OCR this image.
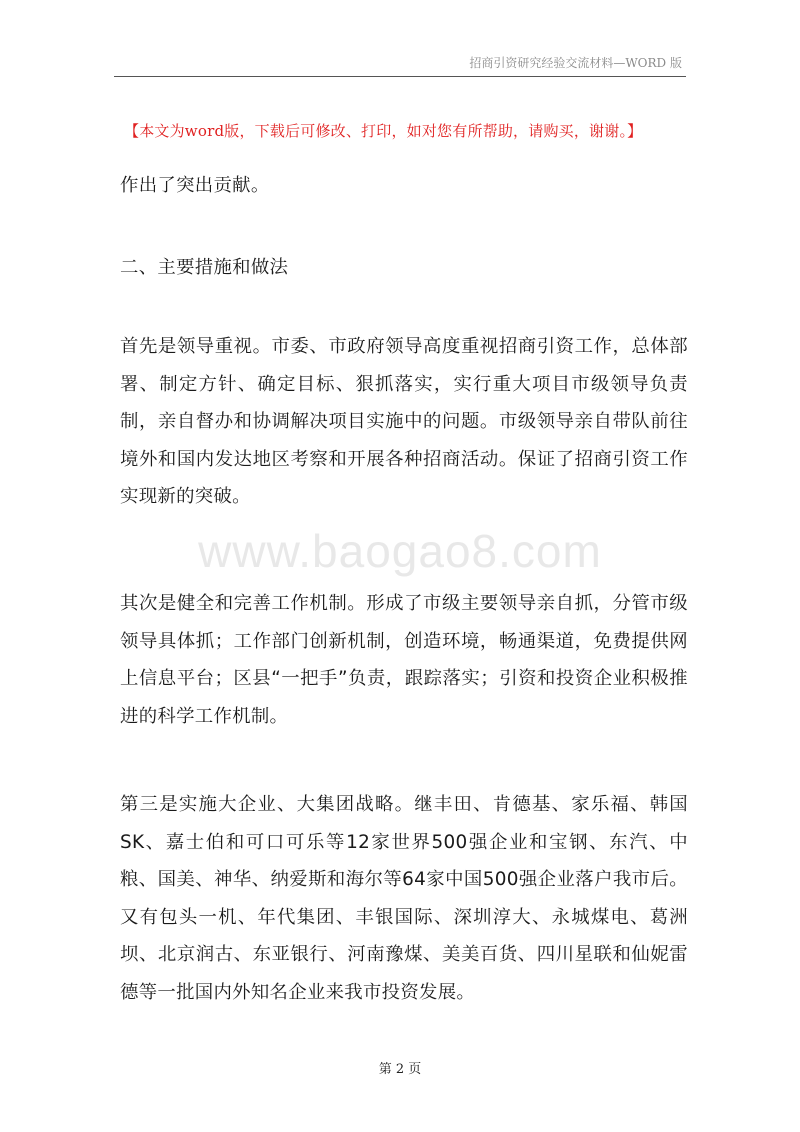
招商引资研究经验交流材料—WORD 版
【本文为word版，下载后可修改、打印，如对您有所帮助，请购买，谢谢。】

作出了突出贡献。

二、主要措施和做法

www.baogao8.com

首先是领导重视。市委、市政府领导高度重视招商引资工作，总体部署、制定方针、确定目标、狠抓落实，实行重大项目市级领导负责制，亲自督办和协调解决项目实施中的问题。市级领导亲自带队前往境外和国内发达地区考察和开展各种招商活动。保证了招商引资工作实现新的突破。

其次是健全和完善工作机制。形成了市级主要领导亲自抓，分管市级领导具体抓；工作部门创新机制，创造环境，畅通渠道，免费提供网上信息平台；区县“一把手”负责，跟踪落实；引资和投资企业积极推进的科学工作机制。

第三是实施大企业、大集团战略。继丰田、肯德基、家乐福、韩国SK、嘉士伯和可口可乐等12家世界500强企业和宝钢、东汽、中粮、国美、神华、纳爱斯和海尔等64家中国500强企业落户我市后。又有包头一机、年代集团、丰银国际、深圳淳大、永城煤电、葛洲坝、北京润古、东亚银行、河南豫煤、美美百货、四川星联和仙妮雷德等一批国内外知名企业来我市投资发展。

第 2 页
